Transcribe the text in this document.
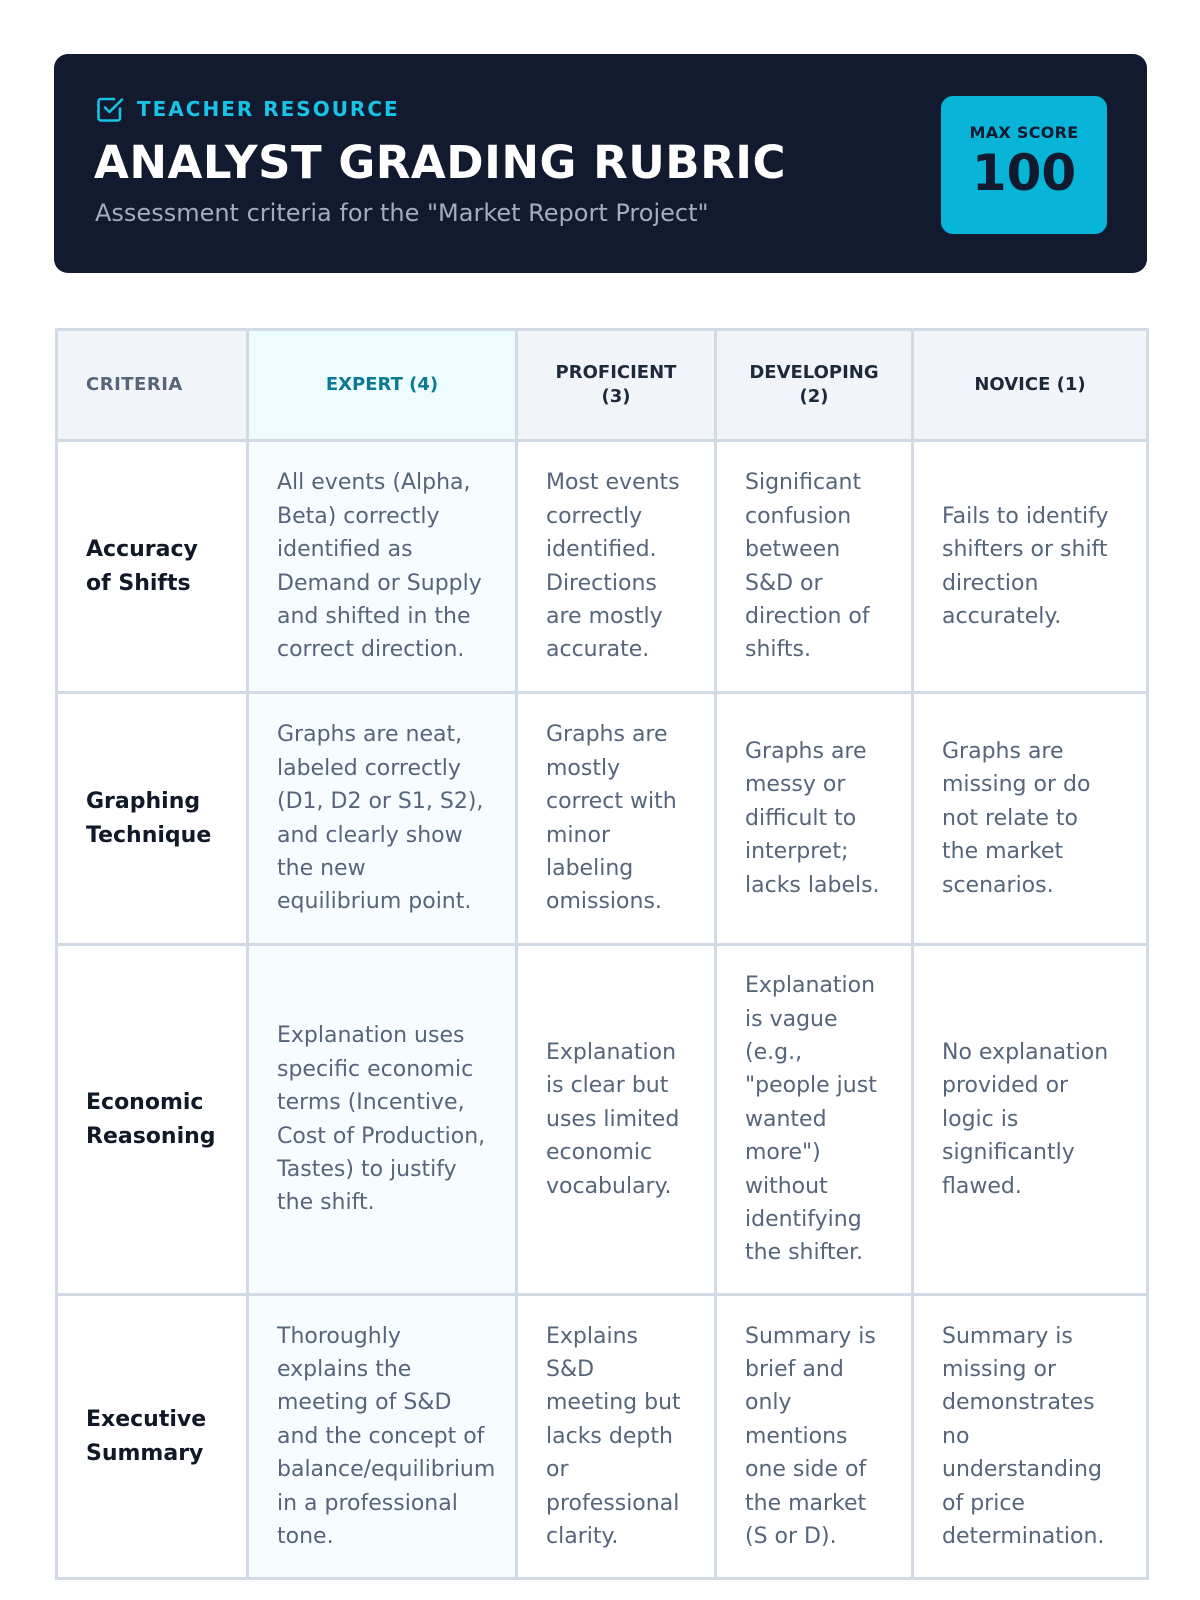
TEACHER RESOURCE
ANALYST GRADING RUBRIC
Assessment criteria for the "Market Report Project"
MAX SCORE
100
CRITERIA	EXPERT (4)	PROFICIENT (3)	DEVELOPING (2)	NOVICE (1)
Accuracy of Shifts	All events (Alpha, Beta) correctly identified as Demand or Supply and shifted in the correct direction.	Most events correctly identified. Directions are mostly accurate.	Significant confusion between S&D or direction of shifts.	Fails to identify shifters or shift direction accurately.
Graphing Technique	Graphs are neat, labeled correctly (D1, D2 or S1, S2), and clearly show the new equilibrium point.	Graphs are mostly correct with minor labeling omissions.	Graphs are messy or difficult to interpret; lacks labels.	Graphs are missing or do not relate to the market scenarios.
Economic Reasoning	Explanation uses specific economic terms (Incentive, Cost of Production, Tastes) to justify the shift.	Explanation is clear but uses limited economic vocabulary.	Explanation is vague (e.g., "people just wanted more") without identifying the shifter.	No explanation provided or logic is significantly flawed.
Executive Summary	Thoroughly explains the meeting of S&D and the concept of balance/equilibrium in a professional tone.	Explains S&D meeting but lacks depth or professional clarity.	Summary is brief and only mentions one side of the market (S or D).	Summary is missing or demonstrates no understanding of price determination.
